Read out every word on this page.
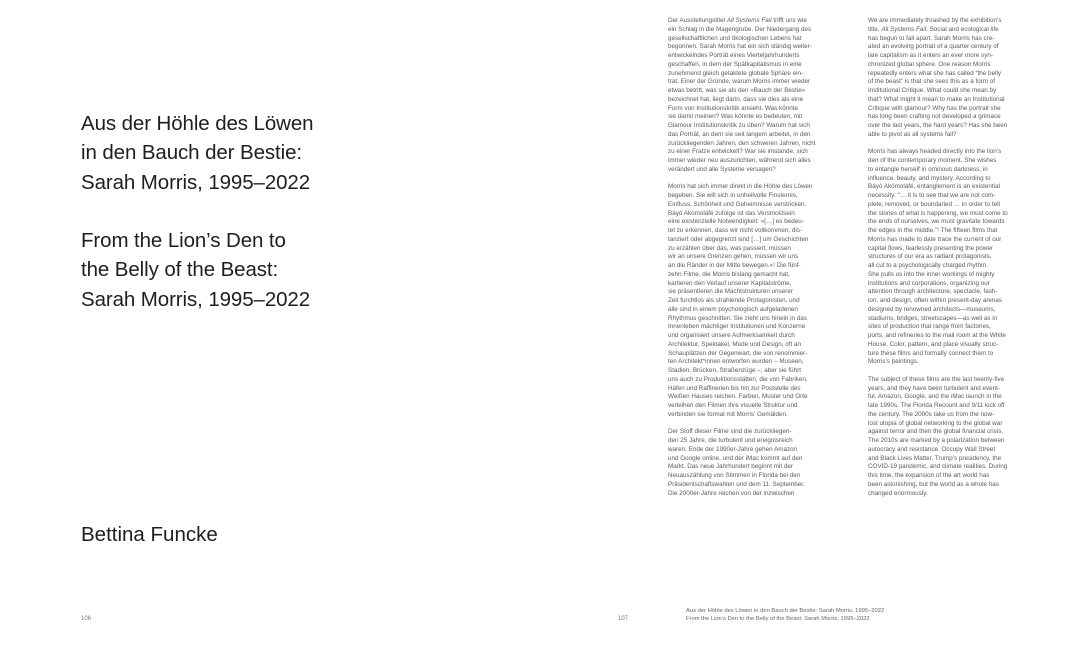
Aus der Höhle des Löwen
in den Bauch der Bestie:
Sarah Morris, 1995–2022
From the Lion’s Den to
the Belly of the Beast:
Sarah Morris, 1995–2022
Bettina Funcke
106

Der Ausstellungstitel All Systems Fail trifft uns wie
ein Schlag in die Magengrube. Der Niedergang des
gesellschaftlichen und ökologischen Lebens hat
begonnen. Sarah Morris hat ein sich ständig weiter-
entwickelndes Porträt eines Vierteljahrhunderts
geschaffen, in dem der Spätkapitalismus in eine
zunehmend gleich getaktete globale Sphäre ein-
trat. Einer der Gründe, warum Morris immer wieder
etwas betritt, was sie als den »Bauch der Bestie«
bezeichnet hat, liegt darin, dass sie dies als eine
Form von Institutionskritik ansieht. Was könnte
sie damit meinen? Was könnte es bedeuten, mit
Glamour Institutionskritik zu üben? Warum hat sich
das Porträt, an dem sie seit langem arbeitet, in den
zurückliegenden Jahren, den schweren Jahren, nicht
zu einer Fratze entwickelt? War sie imstande, sich
immer wieder neu auszurichten, während sich alles
verändert und alle Systeme versagen?

Morris hat sich immer direkt in die Höhle des Löwen
begeben. Sie will sich in unheilvolle Finsternis,
Einfluss, Schönheit und Geheimnisse verstricken.
Báyò Akómoláfé zufolge ist das Verstricktsein
eine existenzielle Notwendigkeit: »[…] es bedeu-
tet zu erkennen, dass wir nicht vollkommen, dis-
tanziert oder abgegrenzt sind […] um Geschichten
zu erzählen über das, was passiert, müssen
wir an unsere Grenzen gehen, müssen wir uns
an die Ränder in der Mitte bewegen.«¹ Die fünf-
zehn Filme, die Morris bislang gemacht hat,
kartieren den Verlauf unserer Kapitalströme,
sie präsentieren die Machtstrukturen unserer
Zeit furchtlos als strahlende Protagonisten, und
alle sind in einem psychologisch aufgeladenen
Rhythmus geschnitten. Sie zieht uns hinein in das
Innenleben mächtiger Institutionen und Konzerne
und organisiert unsere Aufmerksamkeit durch
Architektur, Spektakel, Mode und Design, oft an
Schauplätzen der Gegenwart, die von renommier-
ten Architekt*innen entworfen wurden – Museen,
Stadien, Brücken, Straßenzüge –; aber sie führt
uns auch zu Produktionsstätten, die von Fabriken,
Häfen und Raffinerien bis hin zur Poststelle des
Weißen Hauses reichen. Farben, Muster und Orte
verleihen den Filmen ihre visuelle Struktur und
verbinden sie formal mit Morris’ Gemälden.

Der Stoff dieser Filme sind die zurückliegen-
den 25 Jahre, die turbulent und ereignisreich
waren. Ende der 1990er-Jahre gehen Amazon
und Google online, und der iMac kommt auf den
Markt. Das neue Jahrhundert beginnt mit der
Neuauszählung von Stimmen in Florida bei den
Präsidentschaftswahlen und dem 11. September.
Die 2000er-Jahre reichen von der inzwischen

We are immediately thrashed by the exhibition’s
title, All Systems Fail. Social and ecological life
has begun to fall apart. Sarah Morris has cre-
ated an evolving portrait of a quarter century of
late capitalism as it enters an ever more syn-
chronized global sphere. One reason Morris
repeatedly enters what she has called “the belly
of the beast” is that she sees this as a form of
Institutional Critique. What could she mean by
that? What might it mean to make an Institutional
Critique with glamour? Why has the portrait she
has long been crafting not developed a grimace
over the last years, the hard years? Has she been
able to pivot as all systems fail?

Morris has always headed directly into the lion’s
den of the contemporary moment. She wishes
to entangle herself in ominous darkness, in
influence, beauty, and mystery. According to
Báyò Akómoláfé, entanglement is an existential
necessity: “… it is to see that we are not com-
plete, removed, or boundaried … in order to tell
the stories of what is happening, we must come to
the ends of ourselves, we must gravitate towards
the edges in the middle.”¹ The fifteen films that
Morris has made to date trace the current of our
capital flows, fearlessly presenting the power
structures of our era as radiant protagonists,
all cut to a psychologically charged rhythm.
She pulls us into the inner workings of mighty
institutions and corporations, organizing our
attention through architecture, spectacle, fash-
ion, and design, often within present-day arenas
designed by renowned architects—museums,
stadiums, bridges, streetscapes—as well as in
sites of production that range from factories,
ports, and refineries to the mail room at the White
House. Color, pattern, and place visually struc-
ture these films and formally connect them to
Morris’s paintings.

The subject of these films are the last twenty-five
years, and they have been turbulent and event-
ful. Amazon, Google, and the iMac launch in the
late 1990s. The Florida Recount and 9/11 kick off
the century. The 2000s take us from the now-
lost utopia of global networking to the global war
against terror and then the global financial crisis.
The 2010s are marked by a polarization between
autocracy and resistance. Occupy Wall Street
and Black Lives Matter, Trump’s presidency, the
COVID-19 pandemic, and climate realities. During
this time, the expansion of the art world has
been astonishing, but the world as a whole has
changed enormously.

107
Aus der Höhle des Löwen in den Bauch der Bestie: Sarah Morris, 1995–2022
From the Lion’s Den to the Belly of the Beast: Sarah Morris, 1995–2022
